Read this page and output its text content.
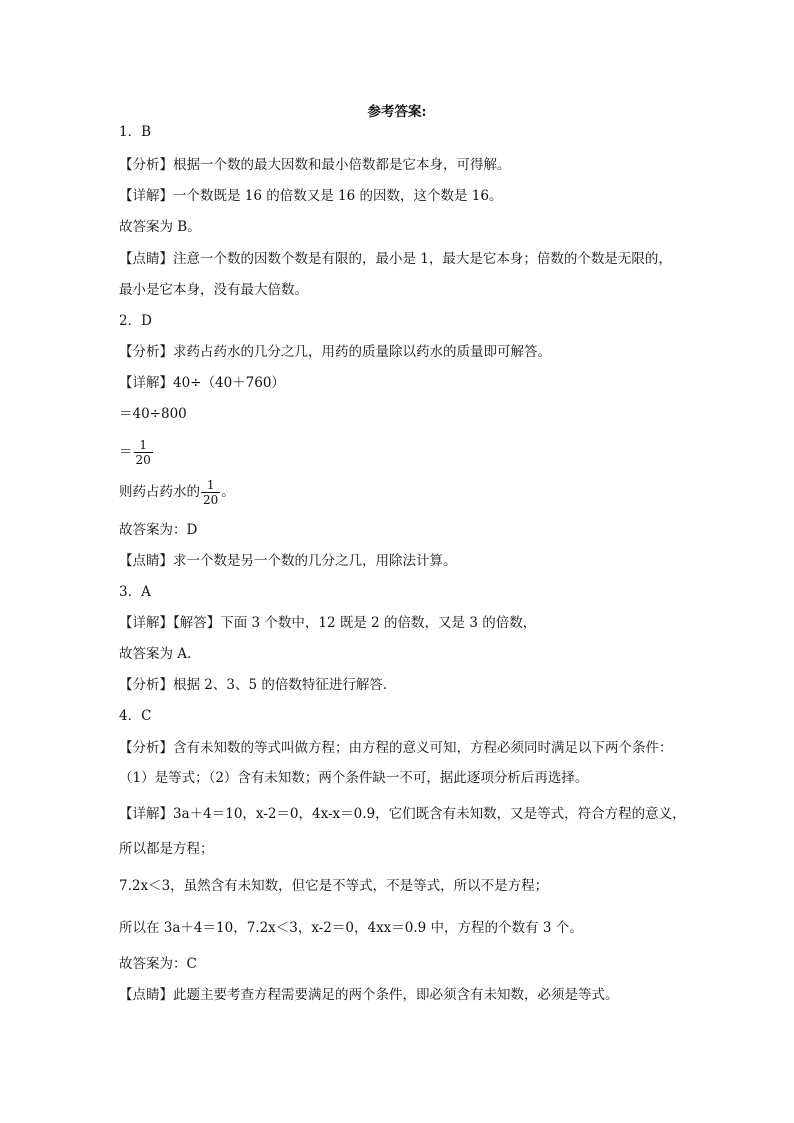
参考答案:
1．B
【分析】根据一个数的最大因数和最小倍数都是它本身，可得解。
【详解】一个数既是 16 的倍数又是 16 的因数，这个数是 16。
故答案为 B。
【点睛】注意一个数的因数个数是有限的，最小是 1，最大是它本身；倍数的个数是无限的，
最小是它本身，没有最大倍数。
2．D
【分析】求药占药水的几分之几，用药的质量除以药水的质量即可解答。
【详解】40÷（40＋760）
＝40÷800
＝ $\frac{1}{20}$
则药占药水的 $\frac{1}{20}$ 。
故答案为：D
【点睛】求一个数是另一个数的几分之几，用除法计算。
3．A
【详解】【解答】下面 3 个数中，12 既是 2 的倍数，又是 3 的倍数，
故答案为 A.
【分析】根据 2、3、5 的倍数特征进行解答.
4．C
【分析】含有未知数的等式叫做方程；由方程的意义可知，方程必须同时满足以下两个条件：
（1）是等式；（2）含有未知数；两个条件缺一不可，据此逐项分析后再选择。
【详解】3a＋4＝10，x-2＝0，4x-x＝0.9，它们既含有未知数，又是等式，符合方程的意义，
所以都是方程；
7.2x＜3，虽然含有未知数，但它是不等式，不是等式，所以不是方程；
所以在 3a＋4＝10，7.2x＜3，x-2＝0，4xx＝0.9 中，方程的个数有 3 个。
故答案为：C
【点睛】此题主要考查方程需要满足的两个条件，即必须含有未知数，必须是等式。
